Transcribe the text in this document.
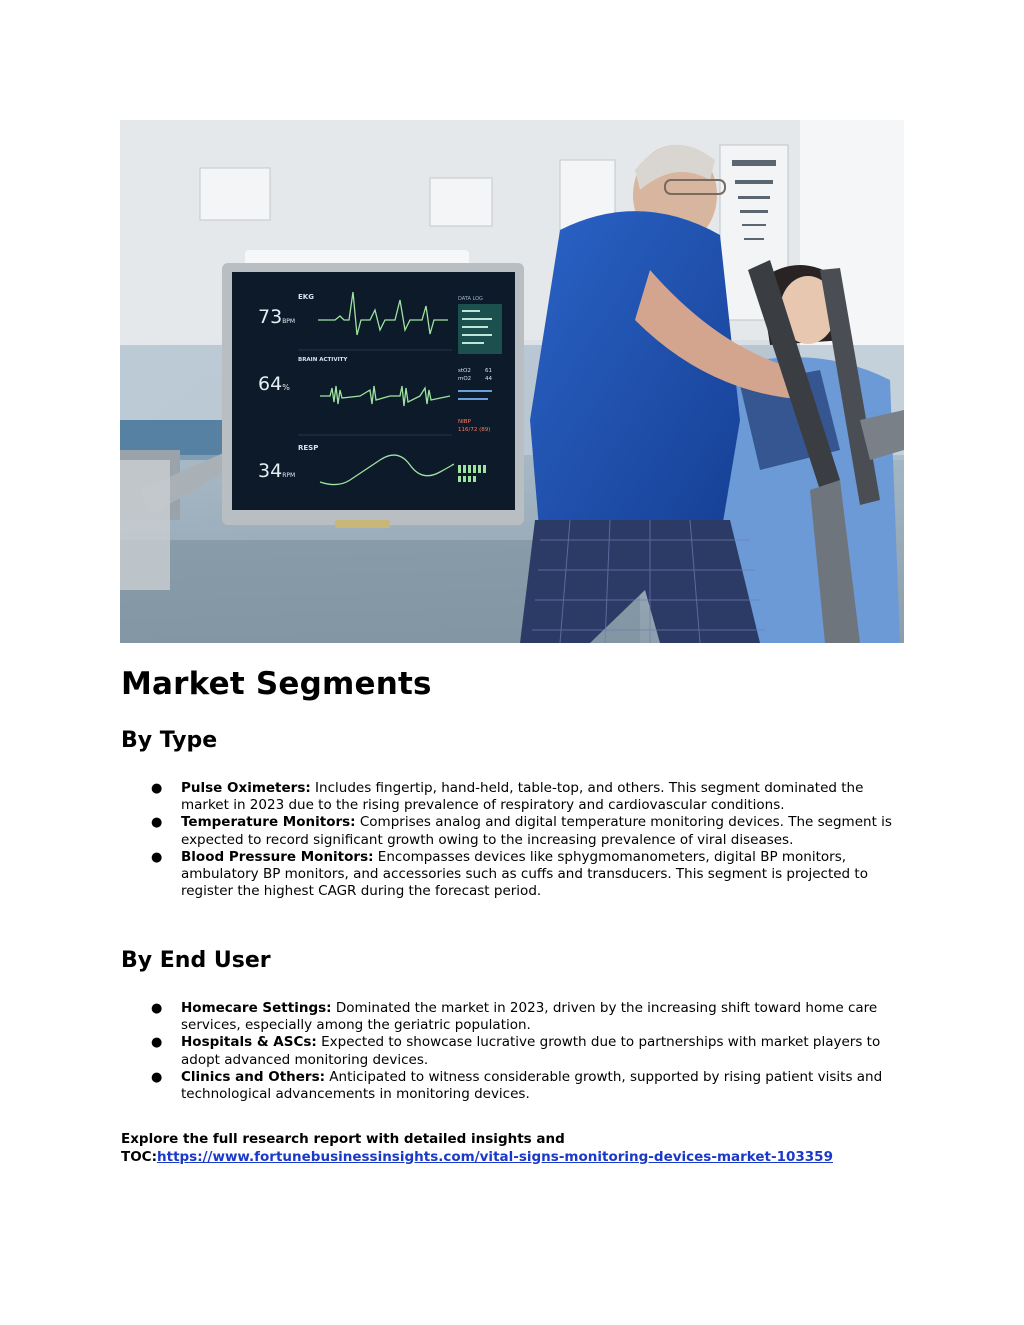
EKG
73BPM
BRAIN ACTIVITY
64%
RESP
34RPM
DATA LOG
stO2	61
mO2	44
NIBP
116/72 (89)
Market Segments
By Type
● Pulse Oximeters: Includes fingertip, hand-held, table-top, and others. This segment dominated the market in 2023 due to the rising prevalence of respiratory and cardiovascular conditions.
● Temperature Monitors: Comprises analog and digital temperature monitoring devices. The segment is expected to record significant growth owing to the increasing prevalence of viral diseases.
● Blood Pressure Monitors: Encompasses devices like sphygmomanometers, digital BP monitors, ambulatory BP monitors, and accessories such as cuffs and transducers. This segment is projected to register the highest CAGR during the forecast period.
By End User
● Homecare Settings: Dominated the market in 2023, driven by the increasing shift toward home care services, especially among the geriatric population.
● Hospitals & ASCs: Expected to showcase lucrative growth due to partnerships with market players to adopt advanced monitoring devices.
● Clinics and Others: Anticipated to witness considerable growth, supported by rising patient visits and technological advancements in monitoring devices.
Explore the full research report with detailed insights and TOC:https://www.fortunebusinessinsights.com/vital-signs-monitoring-devices-market-103359
